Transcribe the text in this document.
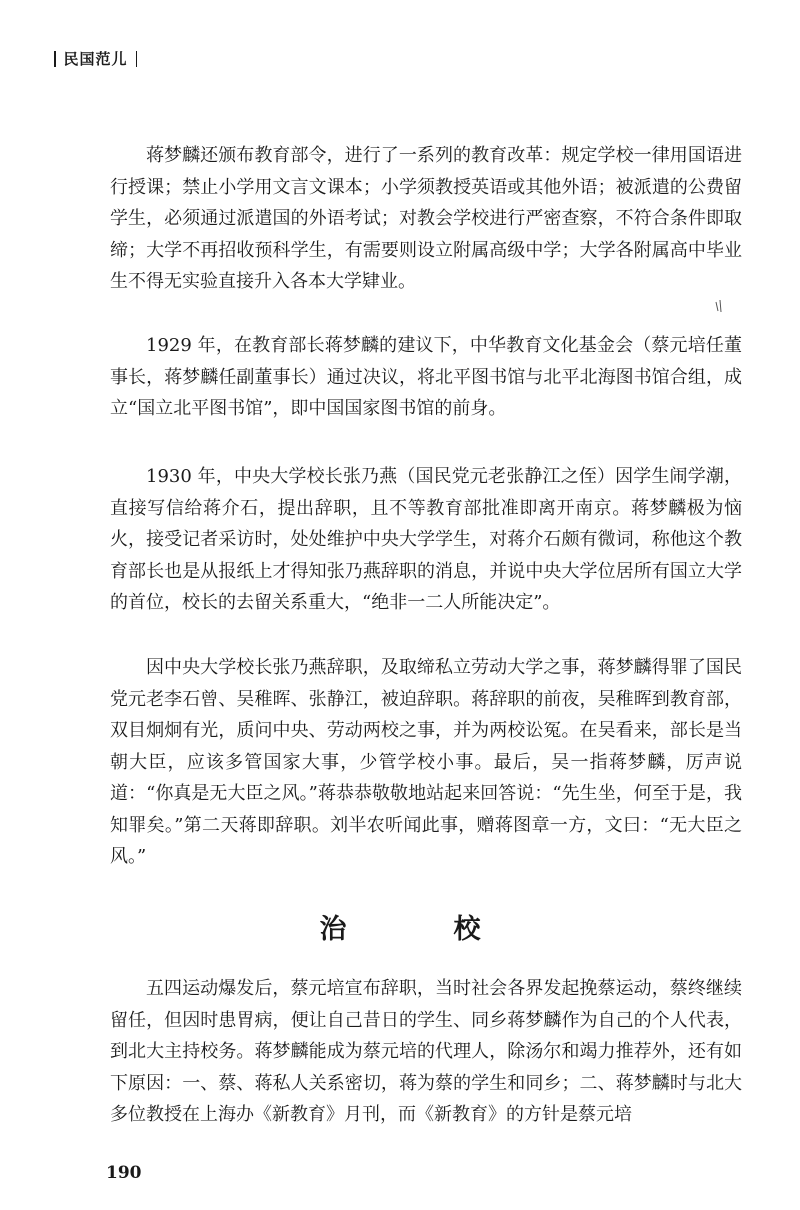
民国范儿

蒋梦麟还颁布教育部令，进行了一系列的教育改革：规定学校一律用国语进行授课；禁止小学用文言文课本；小学须教授英语或其他外语；被派遣的公费留学生，必须通过派遣国的外语考试；对教会学校进行严密查察，不符合条件即取缔；大学不再招收预科学生，有需要则设立附属高级中学；大学各附属高中毕业生不得无实验直接升入各本大学肄业。

1929 年，在教育部长蒋梦麟的建议下，中华教育文化基金会（蔡元培任董事长，蒋梦麟任副董事长）通过决议，将北平图书馆与北平北海图书馆合组，成立“国立北平图书馆”，即中国国家图书馆的前身。

1930 年，中央大学校长张乃燕（国民党元老张静江之侄）因学生闹学潮，直接写信给蒋介石，提出辞职，且不等教育部批准即离开南京。蒋梦麟极为恼火，接受记者采访时，处处维护中央大学学生，对蒋介石颇有微词，称他这个教育部长也是从报纸上才得知张乃燕辞职的消息，并说中央大学位居所有国立大学的首位，校长的去留关系重大，“绝非一二人所能决定”。

因中央大学校长张乃燕辞职，及取缔私立劳动大学之事，蒋梦麟得罪了国民党元老李石曾、吴稚晖、张静江，被迫辞职。蒋辞职的前夜，吴稚晖到教育部，双目炯炯有光，质问中央、劳动两校之事，并为两校讼冤。在吴看来，部长是当朝大臣，应该多管国家大事，少管学校小事。最后，吴一指蒋梦麟，厉声说道：“你真是无大臣之风。”蒋恭恭敬敬地站起来回答说：“先生坐，何至于是，我知罪矣。”第二天蒋即辞职。刘半农听闻此事，赠蒋图章一方，文曰：“无大臣之风。”

治　校

五四运动爆发后，蔡元培宣布辞职，当时社会各界发起挽蔡运动，蔡终继续留任，但因时患胃病，便让自己昔日的学生、同乡蒋梦麟作为自己的个人代表，到北大主持校务。蒋梦麟能成为蔡元培的代理人，除汤尔和竭力推荐外，还有如下原因：一、蔡、蒋私人关系密切，蒋为蔡的学生和同乡；二、蒋梦麟时与北大多位教授在上海办《新教育》月刊，而《新教育》的方针是蔡元培

190
